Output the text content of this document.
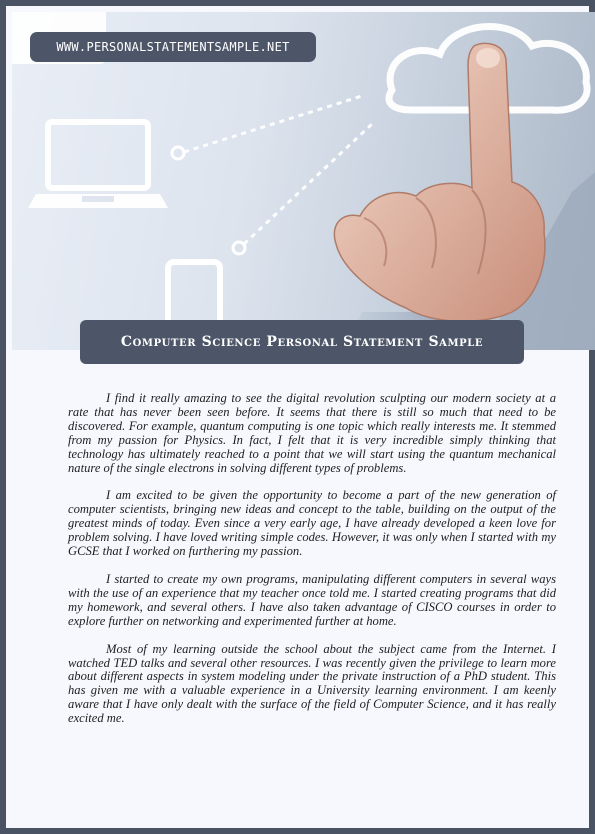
WWW.PERSONALSTATEMENTSAMPLE.NET
Computer Science Personal Statement Sample

I find it really amazing to see the digital revolution sculpting our modern society at a rate that has never been seen before. It seems that there is still so much that need to be discovered. For example, quantum computing is one topic which really interests me. It stemmed from my passion for Physics. In fact, I felt that it is very incredible simply thinking that technology has ultimately reached to a point that we will start using the quantum mechanical nature of the single electrons in solving different types of problems.

I am excited to be given the opportunity to become a part of the new generation of computer scientists, bringing new ideas and concept to the table, building on the output of the greatest minds of today. Even since a very early age, I have already developed a keen love for problem solving. I have loved writing simple codes. However, it was only when I started with my GCSE that I worked on furthering my passion.

I started to create my own programs, manipulating different computers in several ways with the use of an experience that my teacher once told me. I started creating programs that did my homework, and several others. I have also taken advantage of CISCO courses in order to explore further on networking and experimented further at home.

Most of my learning outside the school about the subject came from the Internet. I watched TED talks and several other resources. I was recently given the privilege to learn more about different aspects in system modeling under the private instruction of a PhD student. This has given me with a valuable experience in a University learning environment. I am keenly aware that I have only dealt with the surface of the field of Computer Science, and it has really excited me.
